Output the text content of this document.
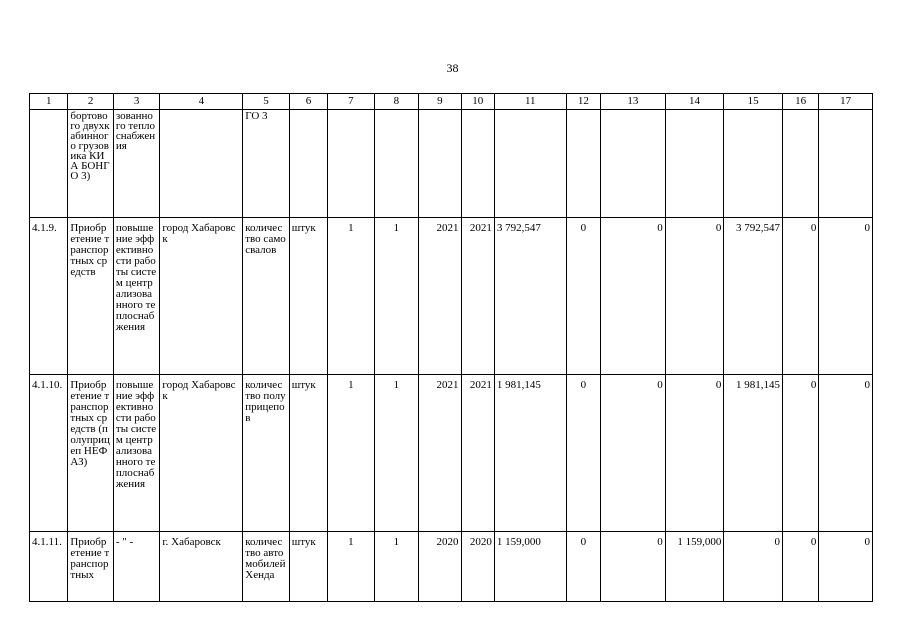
38
1	2	3	4	5	6	7	8	9	10	11	12	13	14	15	16	17
	бортового двухкабинного грузовика КИА БОНГО 3)	зованного теплоснабжения		ГО 3												
4.1.9.	Приобретение транспортных средств	повышение эффективности работы систем централизованного теплоснабжения	город Хабаровск	количество самосвалов	штук	1	1	2021	2021	3 792,547	0	0	0	3 792,547	0	0
4.1.10.	Приобретение транспортных средств (полуприцеп НЕФАЗ)	повышение эффективности работы систем централизованного теплоснабжения	город Хабаровск	количество полуприцепов	штук	1	1	2021	2021	1 981,145	0	0	0	1 981,145	0	0
4.1.11.	Приобретение транспортных	- " -	г. Хабаровск	количество автомобилей Хенда	штук	1	1	2020	2020	1 159,000	0	0	1 159,000	0	0	0
